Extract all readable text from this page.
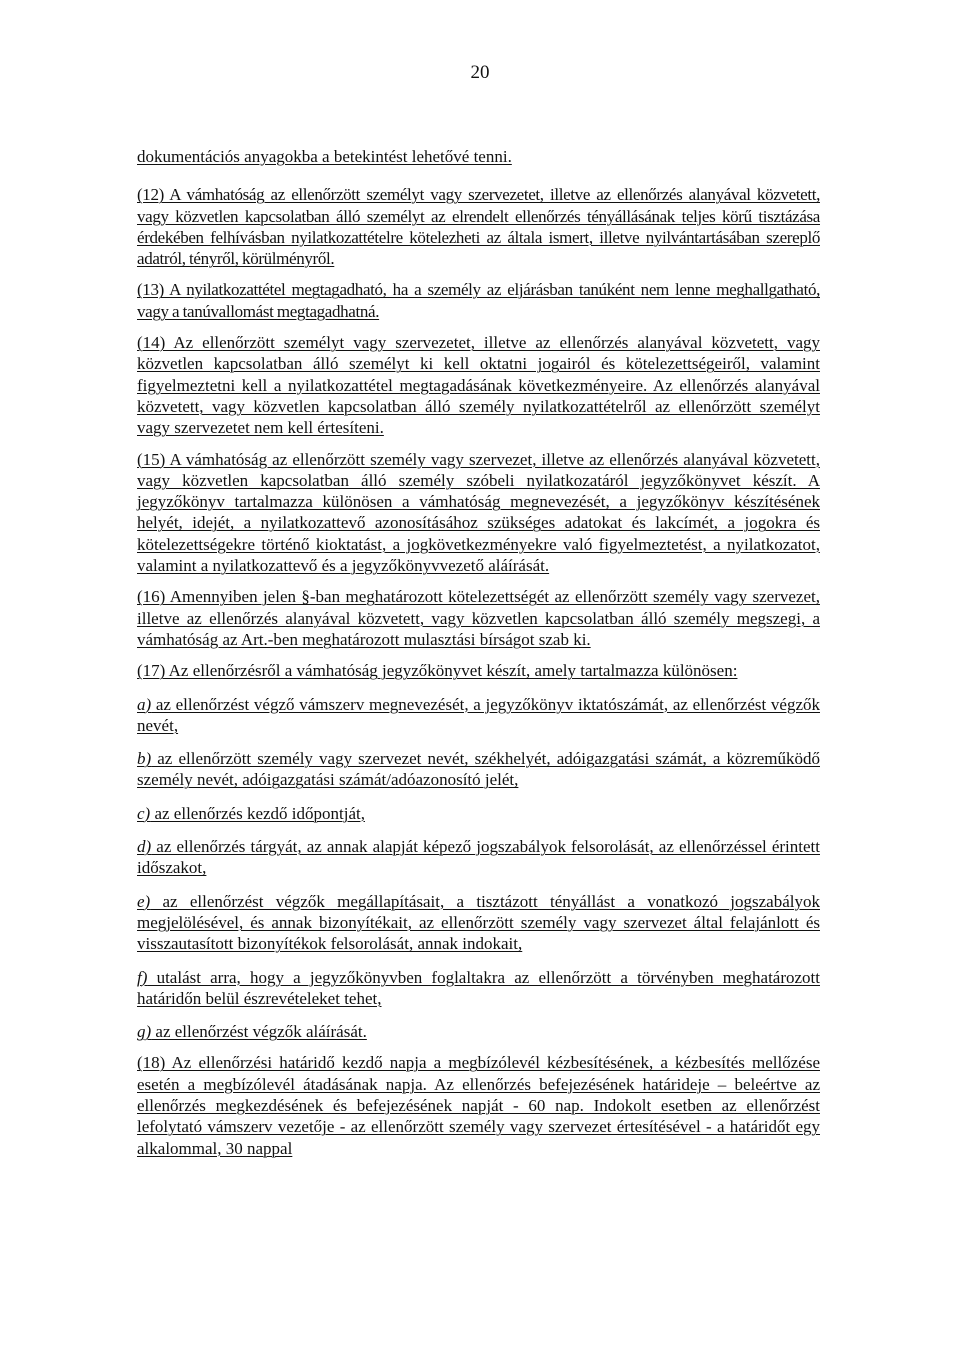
20

dokumentációs anyagokba a betekintést lehetővé tenni.

(12) A vámhatóság az ellenőrzött személyt vagy szervezetet, illetve az ellenőrzés alanyával közvetett, vagy közvetlen kapcsolatban álló személyt az elrendelt ellenőrzés tényállásának teljes körű tisztázása érdekében felhívásban nyilatkozattételre kötelezheti az általa ismert, illetve nyilvántartásában szereplő adatról, tényről, körülményről.

(13) A nyilatkozattétel megtagadható, ha a személy az eljárásban tanúként nem lenne meghallgatható, vagy a tanúvallomást megtagadhatná.

(14) Az ellenőrzött személyt vagy szervezetet, illetve az ellenőrzés alanyával közvetett, vagy közvetlen kapcsolatban álló személyt ki kell oktatni jogairól és kötelezettségeiről, valamint figyelmeztetni kell a nyilatkozattétel megtagadásának következményeire. Az ellenőrzés alanyával közvetett, vagy közvetlen kapcsolatban álló személy nyilatkozattételről az ellenőrzött személyt vagy szervezetet nem kell értesíteni.

(15) A vámhatóság az ellenőrzött személy vagy szervezet, illetve az ellenőrzés alanyával közvetett, vagy közvetlen kapcsolatban álló személy szóbeli nyilatkozatáról jegyzőkönyvet készít. A jegyzőkönyv tartalmazza különösen a vámhatóság megnevezését, a jegyzőkönyv készítésének helyét, idejét, a nyilatkozattevő azonosításához szükséges adatokat és lakcímét, a jogokra és kötelezettségekre történő kioktatást, a jogkövetkezményekre való figyelmeztetést, a nyilatkozatot, valamint a nyilatkozattevő és a jegyzőkönyvvezető aláírását.

(16) Amennyiben jelen §-ban meghatározott kötelezettségét az ellenőrzött személy vagy szervezet, illetve az ellenőrzés alanyával közvetett, vagy közvetlen kapcsolatban álló személy megszegi, a vámhatóság az Art.-ben meghatározott mulasztási bírságot szab ki.

(17) Az ellenőrzésről a vámhatóság jegyzőkönyvet készít, amely tartalmazza különösen:

a) az ellenőrzést végző vámszerv megnevezését, a jegyzőkönyv iktatószámát, az ellenőrzést végzők nevét,

b) az ellenőrzött személy vagy szervezet nevét, székhelyét, adóigazgatási számát, a közreműködő személy nevét, adóigazgatási számát/adóazonosító jelét,

c) az ellenőrzés kezdő időpontját,

d) az ellenőrzés tárgyát, az annak alapját képező jogszabályok felsorolását, az ellenőrzéssel érintett időszakot,

e) az ellenőrzést végzők megállapításait, a tisztázott tényállást a vonatkozó jogszabályok megjelölésével, és annak bizonyítékait, az ellenőrzött személy vagy szervezet által felajánlott és visszautasított bizonyítékok felsorolását, annak indokait,

f) utalást arra, hogy a jegyzőkönyvben foglaltakra az ellenőrzött a törvényben meghatározott határidőn belül észrevételeket tehet,

g) az ellenőrzést végzők aláírását.

(18) Az ellenőrzési határidő kezdő napja a megbízólevél kézbesítésének, a kézbesítés mellőzése esetén a megbízólevél átadásának napja. Az ellenőrzés befejezésének határideje – beleértve az ellenőrzés megkezdésének és befejezésének napját - 60 nap. Indokolt esetben az ellenőrzést lefolytató vámszerv vezetője - az ellenőrzött személy vagy szervezet értesítésével - a határidőt egy alkalommal, 30 nappal
